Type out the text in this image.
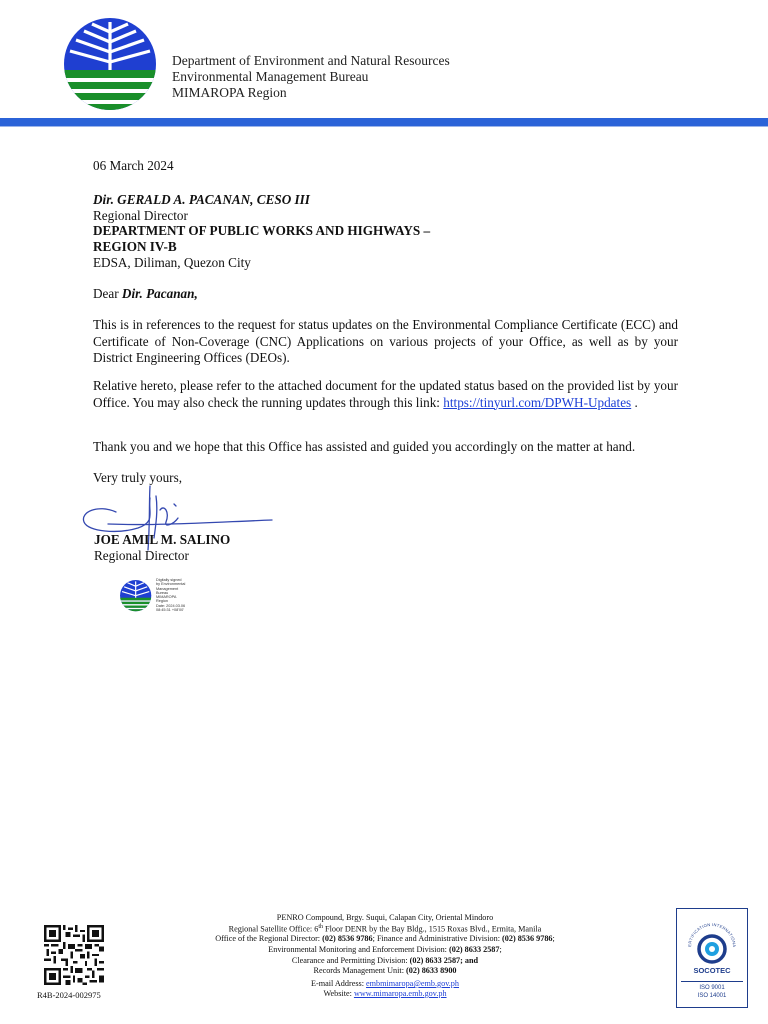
Department of Environment and Natural Resources
Environmental Management Bureau
MIMAROPA Region
06 March 2024
Dir. GERALD A. PACANAN, CESO III
Regional Director
DEPARTMENT OF PUBLIC WORKS AND HIGHWAYS –
REGION IV-B
EDSA, Diliman, Quezon City
Dear Dir. Pacanan,
This is in references to the request for status updates on the Environmental Compliance Certificate (ECC) and Certificate of Non-Coverage (CNC) Applications on various projects of your Office, as well as by your District Engineering Offices (DEOs).
Relative hereto, please refer to the attached document for the updated status based on the provided list by your Office. You may also check the running updates through this link: https://tinyurl.com/DPWH-Updates .
Thank you and we hope that this Office has assisted and guided you accordingly on the matter at hand.
Very truly yours,
JOE AMIL M. SALINO
Regional Director
Digitally signed
by Environmental
Management
Bureau
MIMAROPA
Region
Date: 2024.03.06
08:45:31 +08'00'
R4B-2024-002975
PENRO Compound, Brgy. Suqui, Calapan City, Oriental Mindoro
Regional Satellite Office: 6th Floor DENR by the Bay Bldg., 1515 Roxas Blvd., Ermita, Manila
Office of the Regional Director: (02) 8536 9786; Finance and Administrative Division: (02) 8536 9786;
Environmental Monitoring and Enforcement Division: (02) 8633 2587;
Clearance and Permitting Division: (02) 8633 2587; and
Records Management Unit: (02) 8633 8900
E-mail Address: embmimaropa@emb.gov.ph
Website: www.mimaropa.emb.gov.ph
ERTIFICATION INTERNATIONA
SOCOTEC
ISO 9001
ISO 14001
